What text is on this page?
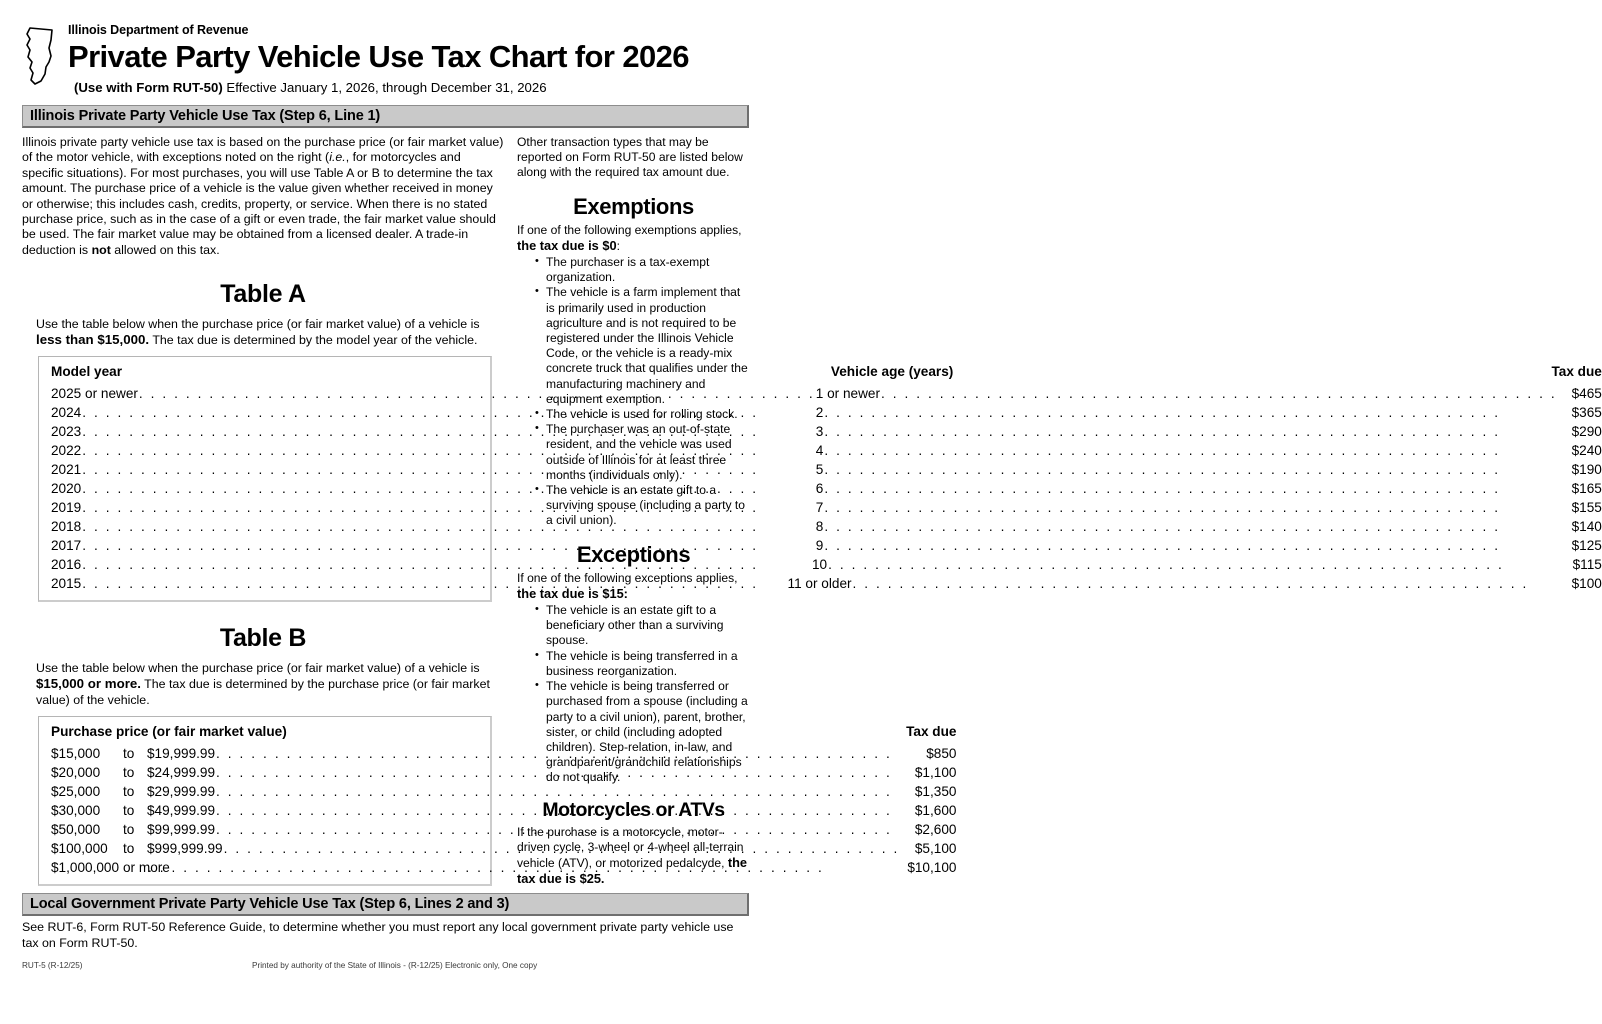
Illinois Department of Revenue
Private Party Vehicle Use Tax Chart for 2026
(Use with Form RUT-50) Effective January 1, 2026, through December 31, 2026
Illinois Private Party Vehicle Use Tax (Step 6, Line 1)
Illinois private party vehicle use tax is based on the purchase price (or fair market value) of the motor vehicle, with exceptions noted on the right (i.e., for motorcycles and specific situations). For most purchases, you will use Table A or B to determine the tax amount. The purchase price of a vehicle is the value given whether received in money or otherwise; this includes cash, credits, property, or service. When there is no stated purchase price, such as in the case of a gift or even trade, the fair market value should be used. The fair market value may be obtained from a licensed dealer. A trade-in deduction is not allowed on this tax.
Table A
Use the table below when the purchase price (or fair market value) of a vehicle is less than $15,000. The tax due is determined by the model year of the vehicle.
Model year	Vehicle age (years)	Tax due

2025 or newer . . .	1 or newer . . .	$465

2024 . . .	2 . . .	$365

2023 . . .	3 . . .	$290

2022 . . .	4 . . .	$240

2021 . . .	5 . . .	$190

2020 . . .	6 . . .	$165

2019 . . .	7 . . .	$155

2018 . . .	8 . . .	$140

2017 . . .	9 . . .	$125

2016 . . .	10 . . .	$115

2015 . . .	11 or older . . .	$100
Table B
Use the table below when the purchase price (or fair market value) of a vehicle is $15,000 or more. The tax due is determined by the purchase price (or fair market value) of the vehicle.
Purchase price (or fair market value)	Tax due

$15,000 to $19,999.99 . . .	$850

$20,000 to $24,999.99 . . .	$1,100

$25,000 to $29,999.99 . . .	$1,350

$30,000 to $49,999.99 . . .	$1,600

$50,000 to $99,999.99 . . .	$2,600

$100,000 to $999,999.99 . . .	$5,100

$1,000,000 or more . . .	$10,100
Other transaction types that may be reported on Form RUT-50 are listed below along with the required tax amount due.
Exemptions
If one of the following exemptions applies, the tax due is $0:
• The purchaser is a tax-exempt organization.
• The vehicle is a farm implement that is primarily used in production agriculture and is not required to be registered under the Illinois Vehicle Code, or the vehicle is a ready-mix concrete truck that qualifies under the manufacturing machinery and equipment exemption.
• The vehicle is used for rolling stock.
• The purchaser was an out-of-state resident, and the vehicle was used outside of Illinois for at least three months (individuals only).
• The vehicle is an estate gift to a surviving spouse (including a party to a civil union).
Exceptions
If one of the following exceptions applies, the tax due is $15:
• The vehicle is an estate gift to a beneficiary other than a surviving spouse.
• The vehicle is being transferred in a business reorganization.
• The vehicle is being transferred or purchased from a spouse (including a party to a civil union), parent, brother, sister, or child (including adopted children). Step-relation, in-law, and grandparent/grandchild relationships do not qualify.
Motorcycles or ATVs
If the purchase is a motorcycle, motor-driven cycle, 3-wheel or 4-wheel all-terrain vehicle (ATV), or motorized pedalcyde, the tax due is $25.
Local Government Private Party Vehicle Use Tax (Step 6, Lines 2 and 3)
See RUT-6, Form RUT-50 Reference Guide, to determine whether you must report any local government private party vehicle use tax on Form RUT-50.
RUT-5 (R-12/25)	Printed by authority of the State of Illinois - (R-12/25) Electronic only, One copy
